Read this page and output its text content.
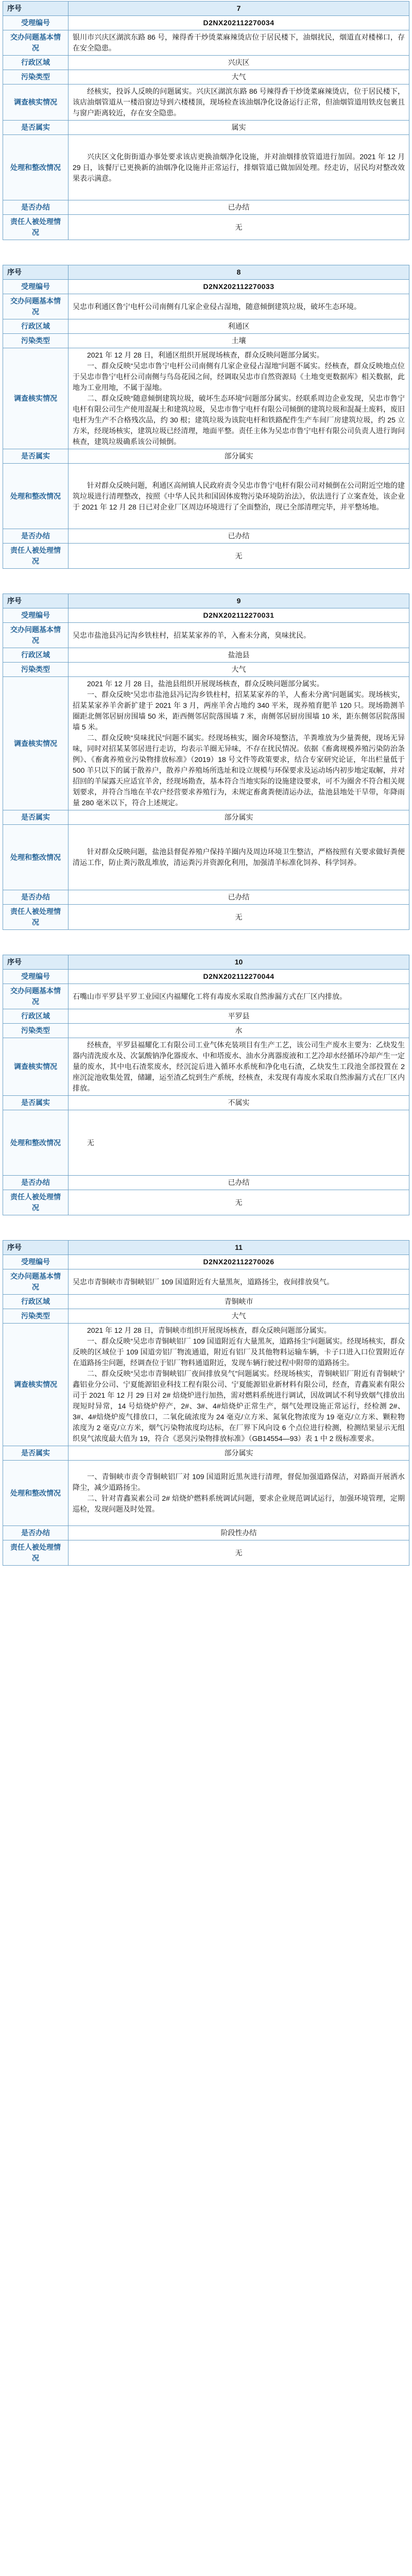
序号	7
受理编号	D2NX202112270034
交办问题基本情况	银川市兴庆区湖滨东路 86 号，辣得香干炒烫菜麻辣烫店位于居民楼下，油烟扰民，烟道直对楼梯口，存在安全隐患。
行政区域	兴庆区
污染类型	大气
调查核实情况	经核实，投诉人反映的问题属实。兴庆区湖滨东路 86 号辣得香干炒烫菜麻辣烫店，位于居民楼下，该店油烟管道从一楼沿窗边导到六楼楼顶，现场检查该油烟净化设备运行正常，但油烟管道用铁皮包裹且与窗户距离较近，存在安全隐患。

是否属实	属实
处理和整改情况	兴庆区文化街街道办事处要求该店更换油烟净化设施，并对油烟排放管道进行加固。2021 年 12 月 29 日，该餐厅已更换新的油烟净化设施并正常运行，排烟管道已做加固处理。经走访，居民均对整改效果表示满意。

是否办结	已办结
责任人被处理情况	无
序号	8
受理编号	D2NX202112270033
交办问题基本情况	吴忠市利通区鲁宁电杆公司南侧有几家企业侵占湿地，随意倾倒建筑垃圾，破坏生态环境。
行政区域	利通区
污染类型	土壤
调查核实情况	2021 年 12 月 28 日，利通区组织开展现场核查，群众反映问题部分属实。

一、群众反映“吴忠市鲁宁电杆公司南侧有几家企业侵占湿地”问题不属实。经核查，群众反映地点位于吴忠市鲁宁电杆公司南侧与鸟岛花园之间，经调取吴忠市自然资源局《土地变更数据库》相关数据，此地为工业用地，不属于湿地。

二、群众反映“随意倾倒建筑垃圾，破坏生态环境”问题部分属实。经联系周边企业发现，吴忠市鲁宁电杆有限公司生产使用混凝土和建筑垃圾，吴忠市鲁宁电杆有限公司倾倒的建筑垃圾和混凝土废料，废旧电杆为生产不合格残次品，约 30 根；建筑垃圾为该院电杆和铁路配件生产车间厂房建筑垃圾，约 25 立方米，经现场核实，建筑垃圾已经清理，地面平整。责任主体为吴忠市鲁宁电杆有限公司负责人进行询问核查，建筑垃圾确系该公司倾倒。

是否属实	部分属实
处理和整改情况	针对群众反映问题，利通区高闸镇人民政府责令吴忠市鲁宁电杆有限公司对倾倒在公司附近空地的建筑垃圾进行清理整改，按照《中华人民共和国固体废物污染环境防治法》，依法进行了立案查处，该企业于 2021 年 12 月 28 日已对企业厂区周边环境进行了全面整治，现已全部清理完毕，并平整场地。

是否办结	已办结
责任人被处理情况	无
序号	9
受理编号	D2NX202112270031
交办问题基本情况	吴忠市盐池县冯记沟乡铁柱村，招某某家养的羊，入畜未分离，臭味扰民。
行政区域	盐池县
污染类型	大气
调查核实情况	2021 年 12 月 28 日，盐池县组织开展现场核查，群众反映问题部分属实。

一、群众反映“吴忠市盐池县冯记沟乡铁柱村，招某某家养的羊，人畜未分离”问题属实。现场核实，招某某家养羊舍新扩建于 2021 年 3 月，两座羊舍占地约 340 平米，现养殖育肥羊 120 只。现场勘测羊圈距北侧邻居厨房围墙 50 米，距西侧邻居院落围墙 7 米，南侧邻居厨房围墙 10 米，距东侧邻居院落围墙 5 米。

二、群众反映“臭味扰民”问题不属实。经现场核实，圈舍环境整洁，羊粪堆放为少量粪便，现场无异味，同时对招某某邻居进行走访，均表示羊圈无异味，不存在扰民情况。依据《畜禽规模养殖污染防治条例》、《畜禽养殖业污染物排放标准》（2019）18 号文件等政策要求，结合专家研究论证，年出栏量低于500 羊只以下的属于散养户，散养户养殖场所选址和设立规模与环保要求及运动场内初步地定取解，并对招回的羊屎露天应适宜羊舍，经现场勘查，基本符合当地实际的设施建设要求，可不为圈舍不符合相关规划要求，并符合当地在羊农户经营要求养殖行为，未规定畜禽粪便清运办法，盐池县地处干旱带，年降雨量 280 毫米以下，符合上述规定。

是否属实	部分属实
处理和整改情况	针对群众反映问题，盐池县督促养殖户保持羊圈内及周边环境卫生整洁，严格按照有关要求做好粪便清运工作，防止粪污散乱堆放，清运粪污并资源化利用，加强清羊标准化饲养、科学饲养。

是否办结	已办结
责任人被处理情况	无
序号	10
受理编号	D2NX202112270044
交办问题基本情况	石嘴山市平罗县平罗工业园区内福耀化工将有毒废水采取自然渗漏方式在厂区内排放。
行政区域	平罗县
污染类型	水
调查核实情况	经核查，平罗县福耀化工有限公司工业气体充装项目有生产工艺，该公司生产废水主要为：乙炔发生器内清洗废水及、次氯酸钠净化器废水、中和塔废水、油水分离器废液和工艺冷却水经循环冷却产生一定量的废水，其中电石渣浆废水，经沉淀后进入循环水系统和净化电石渣，乙炔发生工段池全部投置在 2 座沉淀池收集处置，储罐，运至渣乙烷到生产系统，经核查，未发现有毒废水采取自然渗漏方式在厂区内排放。

是否属实	不属实
处理和整改情况	无

是否办结	已办结
责任人被处理情况	无
序号	11
受理编号	D2NX202112270026
交办问题基本情况	吴忠市青铜峡市青铜峡铝厂 109 国道附近有大量黑灰，道路扬尘，夜间排放臭气。
行政区域	青铜峡市
污染类型	大气
调查核实情况	2021 年 12 月 28 日，青铜峡市组织开展现场核查，群众反映问题部分属实。

一、群众反映“吴忠市青铜峡铝厂 109 国道附近有大量黑灰，道路扬尘”问题属实。经现场核实，群众反映的区域位于 109 国道旁铝厂物流通道，附近有铝厂及其他物料运输车辆，卡子口进入口位置附近存在道路扬尘问题，经调查位于铝厂物料通道附近，发现车辆行驶过程中附带的道路扬尘。

二、群众反映“吴忠市青铜峡铝厂夜间排放臭气”问题属实。经现场核实，青铜峡铝厂附近有青铜峡宁鑫铝业分公司、宁夏能源铝业科技工程有限公司、宁夏能源铝业新材料有限公司，经查，青鑫炭素有限公司于 2021 年 12 月 29 日对 2# 焙烧炉进行加热，需对燃料系统进行调试，因故调试不利导致烟气排放出现短时异常，14 号焙烧炉停产，2#、3#、4#焙烧炉正常生产，烟气处理设施正常运行，经检测 2#、3#、4#焙烧炉废气排放口，二氧化硫浓度为 24 毫克/立方米、氮氧化物浓度为 19 毫克/立方米、颗粒物浓度为 2 毫克/立方米，烟气污染物浓度均达标，在厂界下风向设 6 个点位进行检测，检测结果显示无组织臭气浓度最大值为 19，符合《恶臭污染物排放标准》（GB14554—93）表 1 中 2 级标准要求。

是否属实	部分属实
处理和整改情况	一、青铜峡市责令青铜峡铝厂对 109 国道附近黑灰进行清理，督促加强道路保洁，对路面开展洒水降尘，减少道路扬尘。

二、针对青鑫炭素公司 2# 焙烧炉燃料系统调试问题，要求企业规范调试运行，加强环境管理，定期巡检，发现问题及时处置。

是否办结	阶段性办结
责任人被处理情况	无
